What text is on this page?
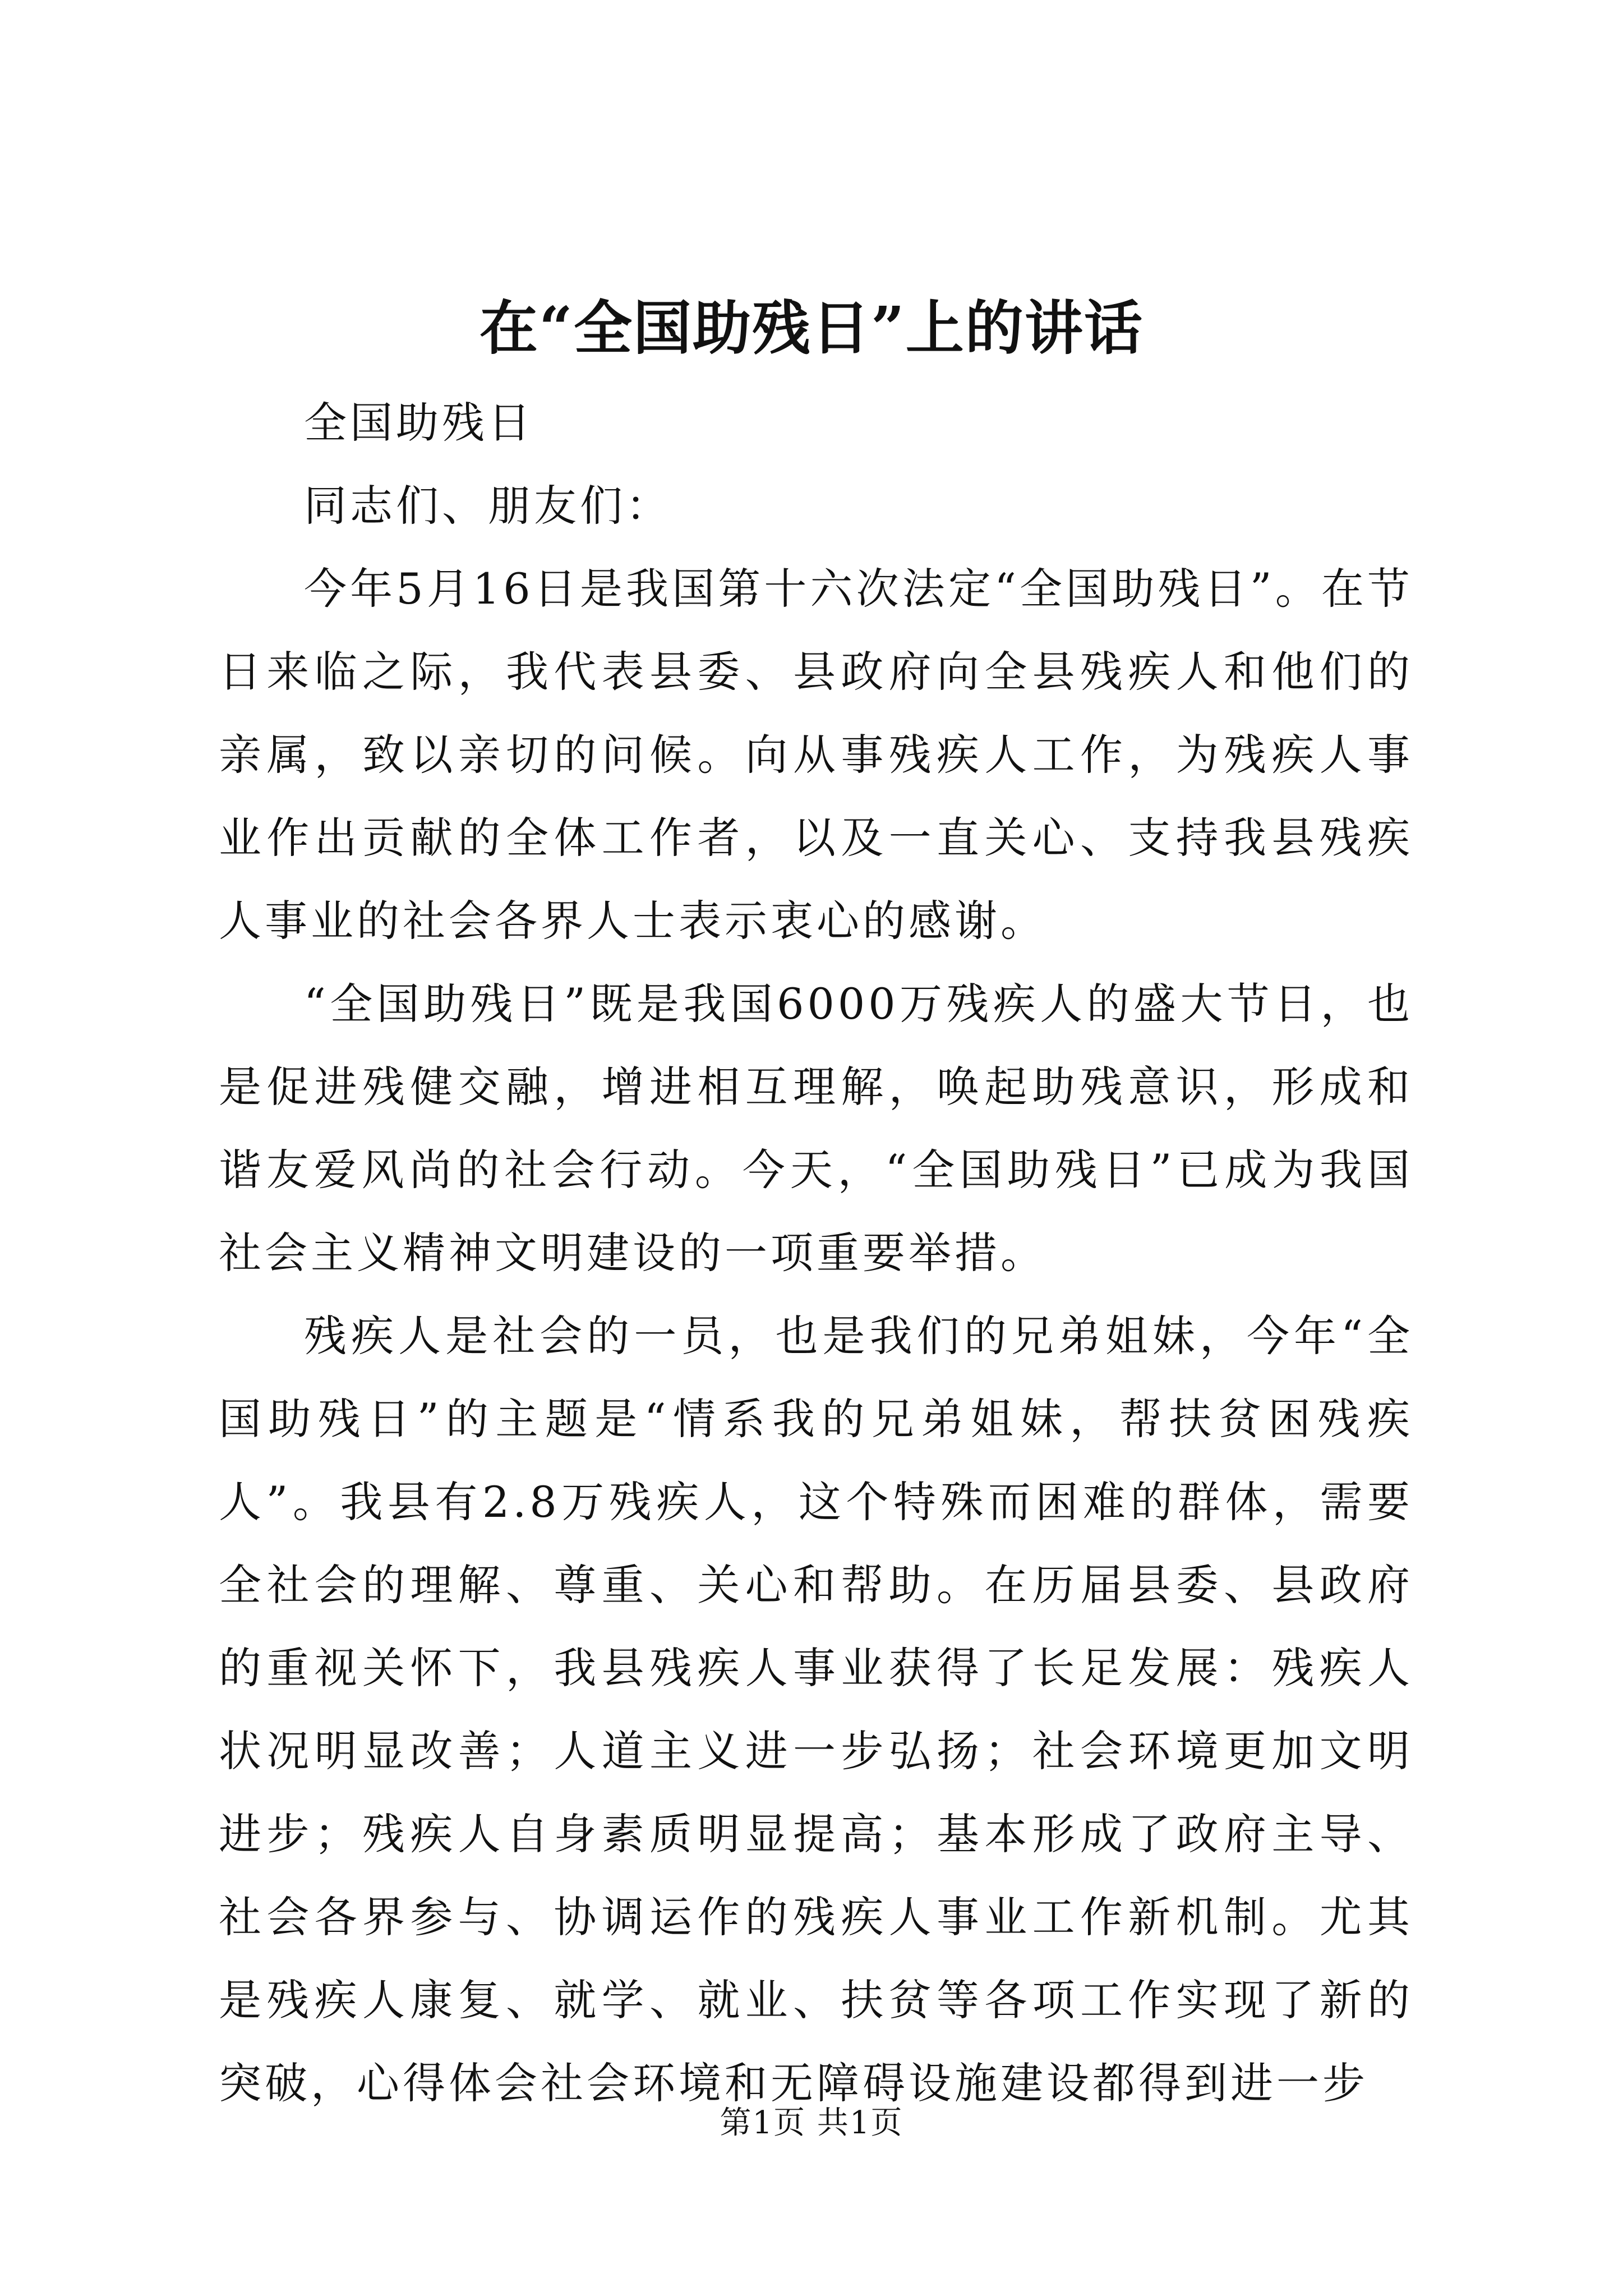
在“全国助残日”上的讲话

全国助残日

同志们、朋友们：

今年5月16日是我国第十六次法定“全国助残日”。在节日来临之际，我代表县委、县政府向全县残疾人和他们的亲属，致以亲切的问候。向从事残疾人工作，为残疾人事业作出贡献的全体工作者，以及一直关心、支持我县残疾人事业的社会各界人士表示衷心的感谢。

“全国助残日”既是我国6000万残疾人的盛大节日，也是促进残健交融，增进相互理解，唤起助残意识，形成和谐友爱风尚的社会行动。今天，“全国助残日”已成为我国社会主义精神文明建设的一项重要举措。

残疾人是社会的一员，也是我们的兄弟姐妹，今年“全国助残日”的主题是“情系我的兄弟姐妹，帮扶贫困残疾人”。我县有2.8万残疾人，这个特殊而困难的群体，需要全社会的理解、尊重、关心和帮助。在历届县委、县政府的重视关怀下，我县残疾人事业获得了长足发展：残疾人状况明显改善；人道主义进一步弘扬；社会环境更加文明进步；残疾人自身素质明显提高；基本形成了政府主导、社会各界参与、协调运作的残疾人事业工作新机制。尤其是残疾人康复、就学、就业、扶贫等各项工作实现了新的突破，心得体会社会环境和无障碍设施建设都得到进一步

第1页 共1页
